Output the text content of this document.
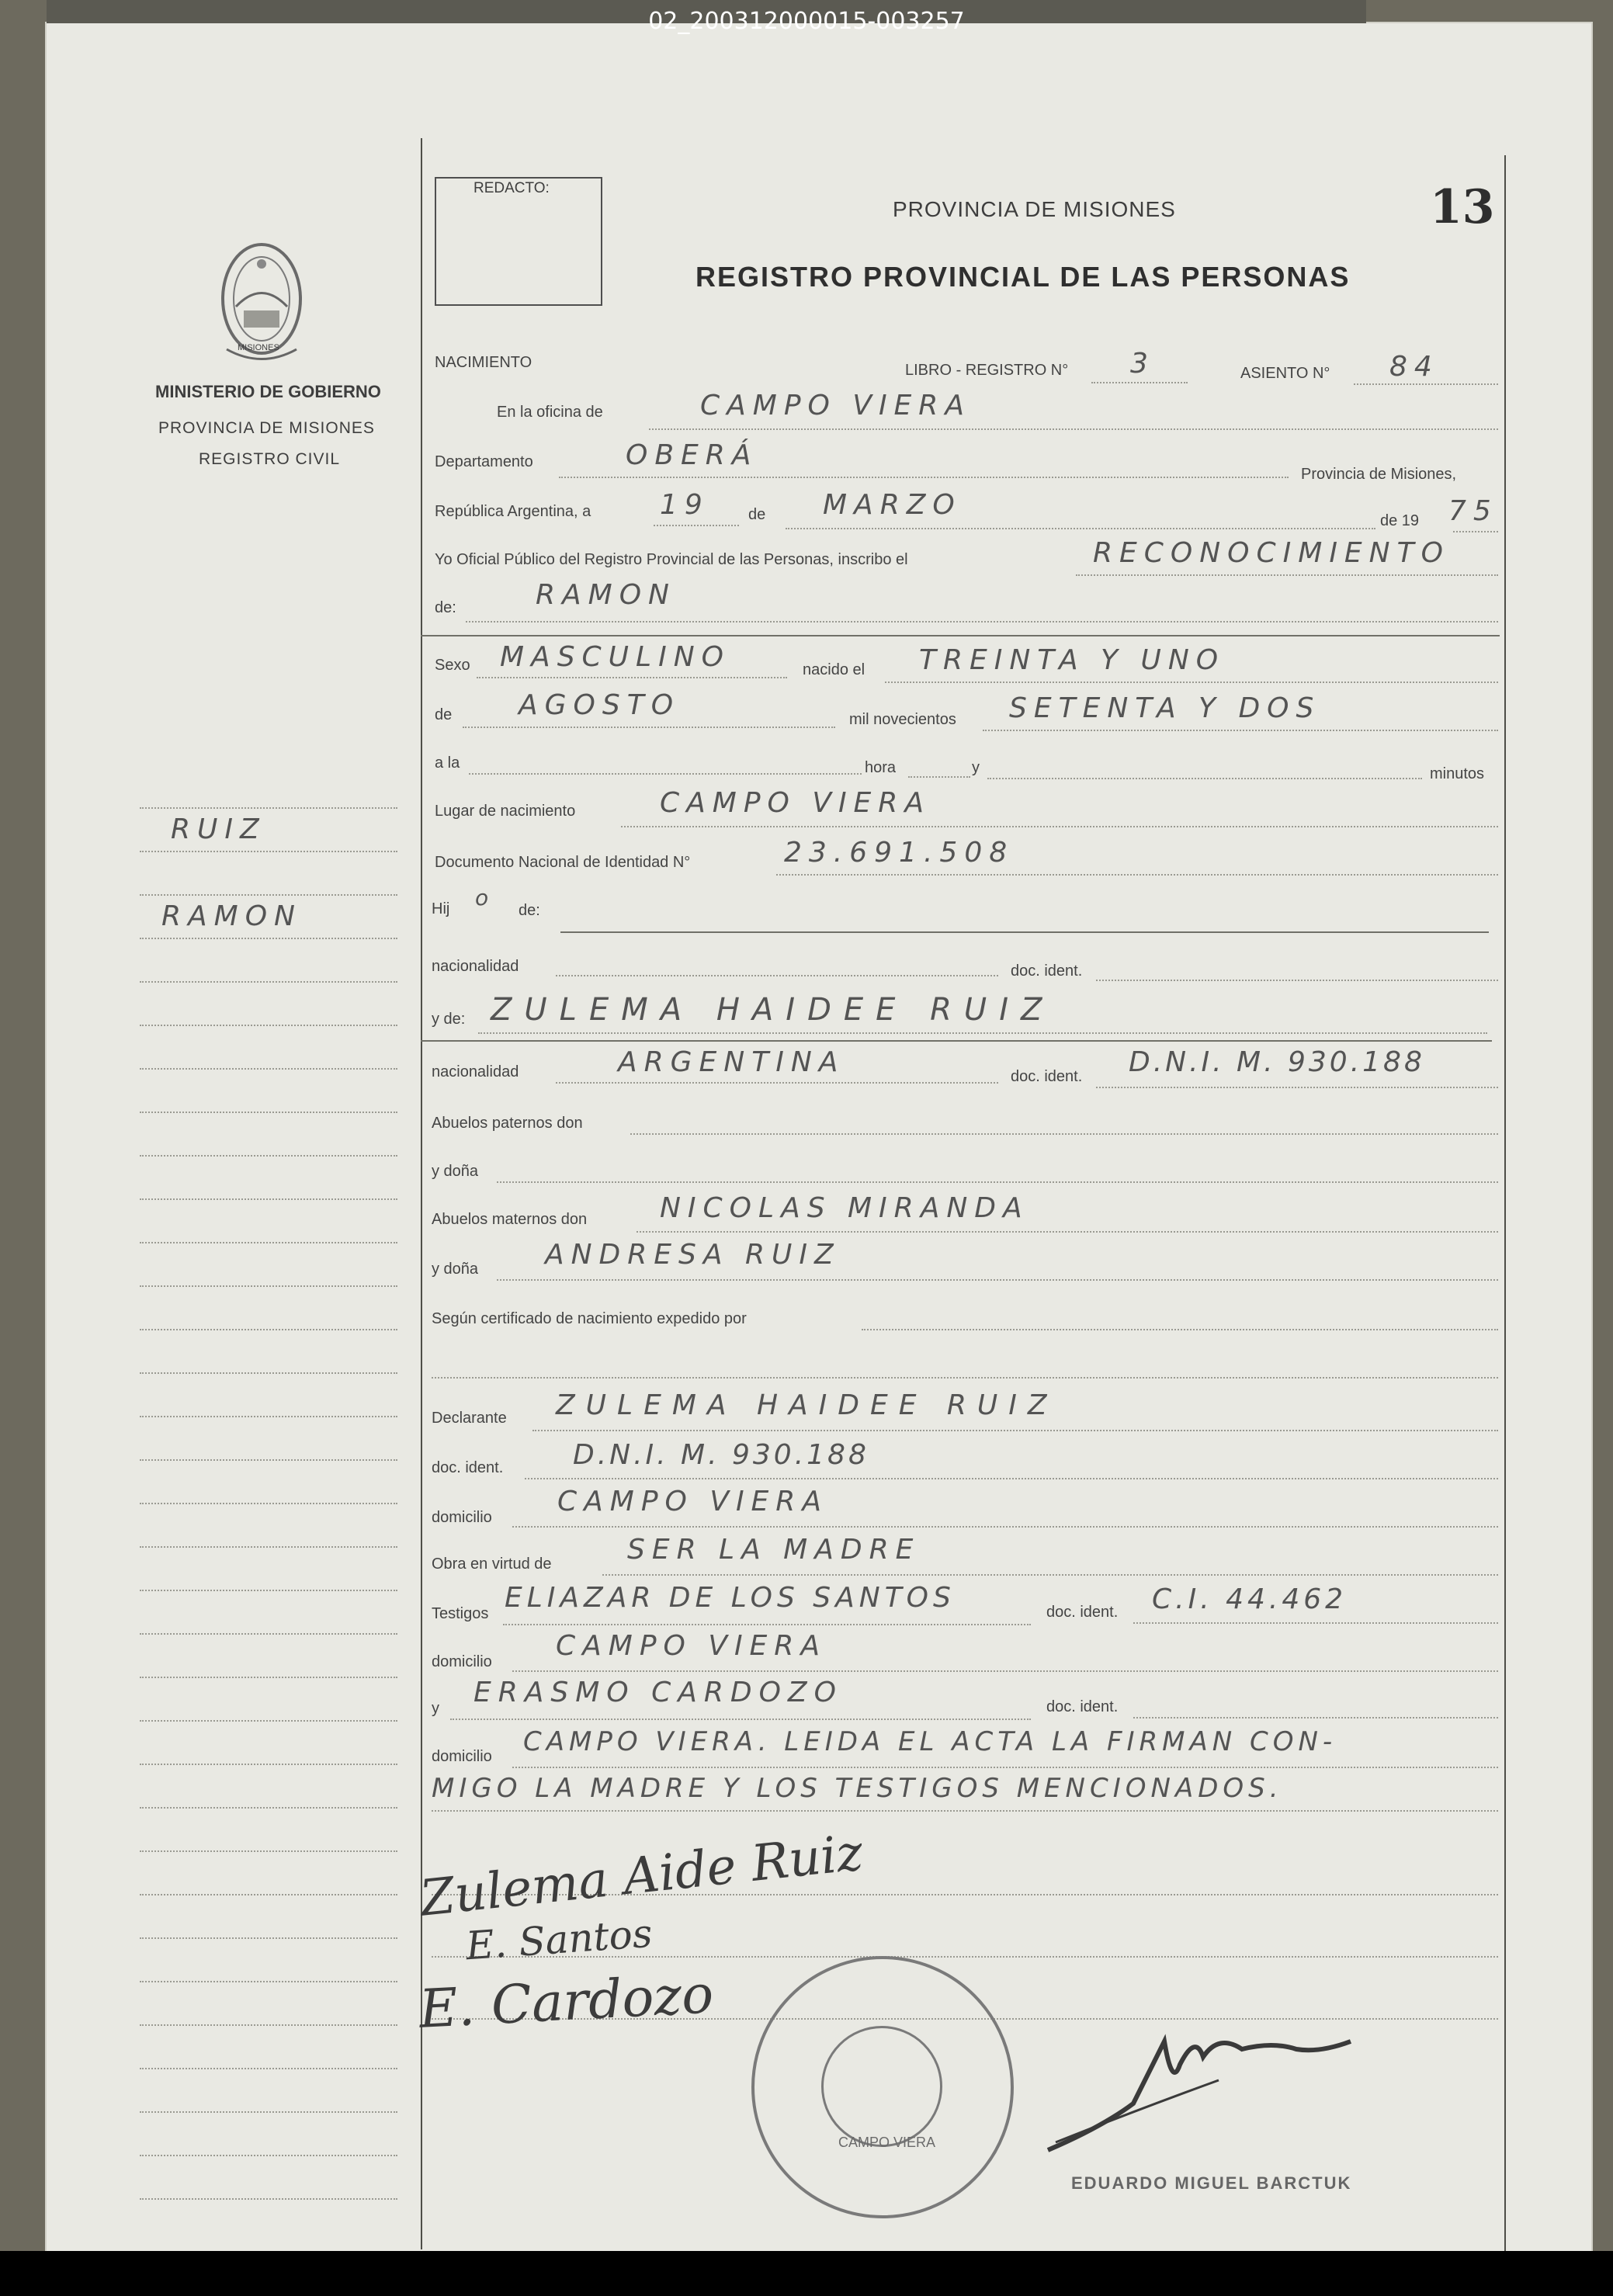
MISIONES
MINISTERIO DE GOBIERNO
PROVINCIA DE MISIONES
REGISTRO CIVIL
RUIZ
RAMON
REDACTO:
PROVINCIA DE MISIONES	13
REGISTRO PROVINCIAL DE LAS PERSONAS
NACIMIENTO	LIBRO - REGISTRO N° 3	ASIENTO N° 84
En la oficina de	CAMPO VIERA
Departamento	OBERÁ
Provincia de Misiones,
República Argentina, a 19	de MARZO	de 19 75
Yo Oficial Público del Registro Provincial de las Personas, inscribo el	RECONOCIMIENTO
de:	RAMON
Sexo MASCULINO	nacido el TREINTA Y UNO
de AGOSTO	mil novecientos SETENTA Y DOS
a la	hora	y	minutos
Lugar de nacimiento	CAMPO VIERA
Documento Nacional de Identidad N°	23.691.508
Hij o de:
nacionalidad	doc. ident.
y de: ZULEMA HAIDEE RUIZ
nacionalidad	ARGENTINA	doc. ident. D.N.I. M. 930.188
Abuelos paternos don
y doña
Abuelos maternos don	NICOLAS MIRANDA
y doña ANDRESA RUIZ
Según certificado de nacimiento expedido por
Declarante ZULEMA HAIDEE RUIZ
doc. ident. D.N.I. M. 930.188
domicilio CAMPO VIERA
Obra en virtud de	SER LA MADRE
Testigos ELIAZAR DE LOS SANTOS	doc. ident. C.I. 44.462
domicilio CAMPO VIERA
y ERASMO CARDOZO	doc. ident.
domicilio CAMPO VIERA. LEIDA EL ACTA LA FIRMAN CON-
MIGO LA MADRE Y LOS TESTIGOS MENCIONADOS.
Zulema Aide Ruiz
E. Santos
E. Cardozo
CAMPO VIERA
EDUARDO MIGUEL BARCTUK
02_200312000015-003257
